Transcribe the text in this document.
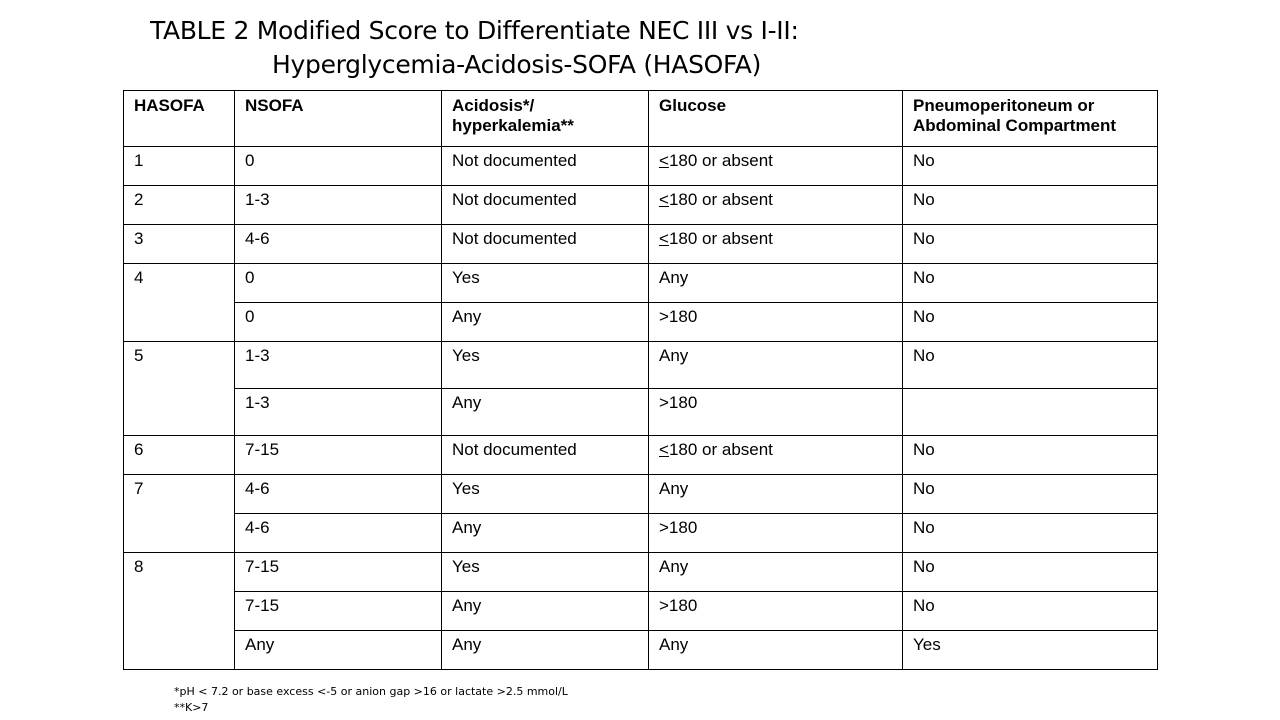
TABLE 2 Modified Score to Differentiate NEC III vs I-II:
Hyperglycemia-Acidosis-SOFA (HASOFA)
HASOFA	NSOFA	Acidosis*/ hyperkalemia**	Glucose	Pneumoperitoneum or Abdominal Compartment
1	0	Not documented	≤180 or absent	No
2	1-3	Not documented	≤180 or absent	No
3	4-6	Not documented	≤180 or absent	No
4	0	Yes	Any	No
	0	Any	>180	No
5	1-3	Yes	Any	No
	1-3	Any	>180	
6	7-15	Not documented	≤180 or absent	No
7	4-6	Yes	Any	No
	4-6	Any	>180	No
8	7-15	Yes	Any	No
	7-15	Any	>180	No
	Any	Any	Any	Yes
*pH < 7.2 or base excess <-5 or anion gap >16 or lactate >2.5 mmol/L
**K>7
